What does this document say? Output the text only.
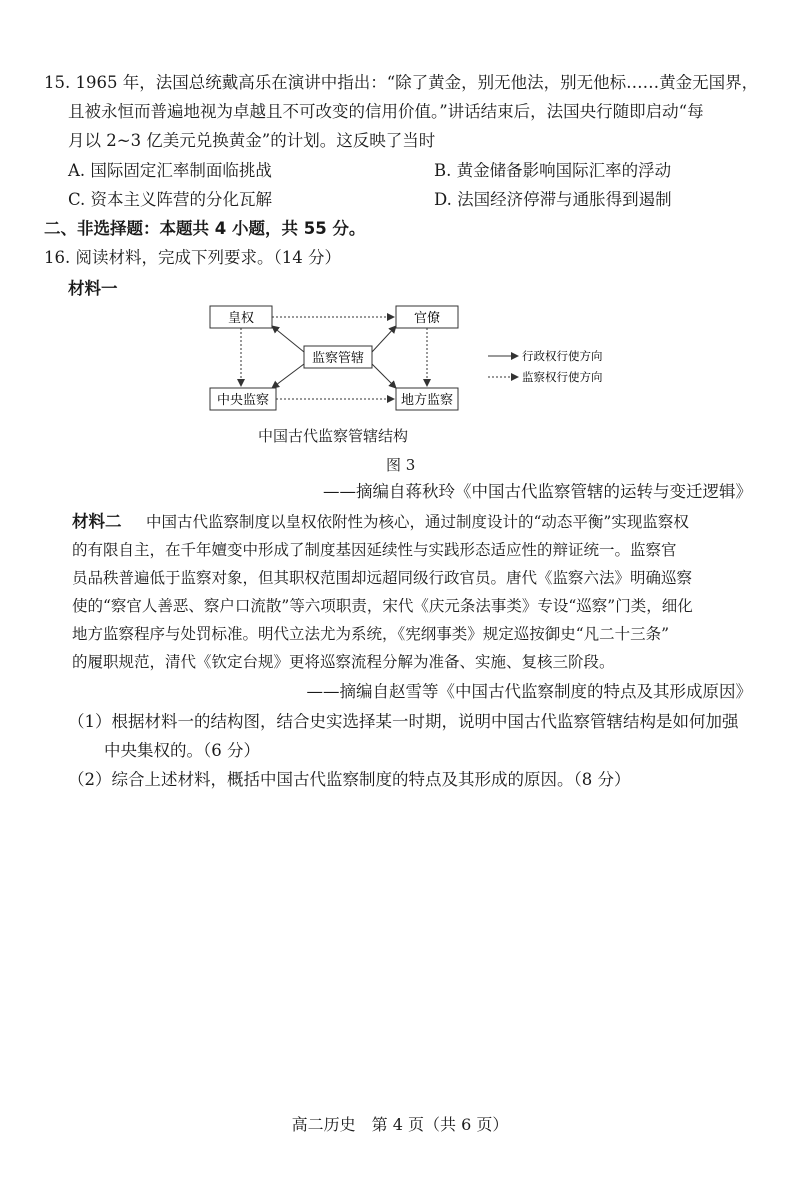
15. 1965 年，法国总统戴高乐在演讲中指出：“除了黄金，别无他法，别无他标……黄金无国界，
且被永恒而普遍地视为卓越且不可改变的信用价值。”讲话结束后，法国央行随即启动“每
月以 2~3 亿美元兑换黄金”的计划。这反映了当时
A. 国际固定汇率制面临挑战	B. 黄金储备影响国际汇率的浮动
C. 资本主义阵营的分化瓦解	D. 法国经济停滞与通胀得到遏制
二、非选择题：本题共 4 小题，共 55 分。
16. 阅读材料，完成下列要求。（14 分）
材料一
皇权	官僚
监察管辖
中央监察	地方监察
行政权行使方向
监察权行使方向
中国古代监察管辖结构
图 3
——摘编自蒋秋玲《中国古代监察管辖的运转与变迁逻辑》
材料二 中国古代监察制度以皇权依附性为核心，通过制度设计的“动态平衡”实现监察权
的有限自主，在千年嬗变中形成了制度基因延续性与实践形态适应性的辩证统一。监察官
员品秩普遍低于监察对象，但其职权范围却远超同级行政官员。唐代《监察六法》明确巡察
使的“察官人善恶、察户口流散”等六项职责，宋代《庆元条法事类》专设“巡察”门类，细化
地方监察程序与处罚标准。明代立法尤为系统，《宪纲事类》规定巡按御史“凡二十三条”
的履职规范，清代《钦定台规》更将巡察流程分解为准备、实施、复核三阶段。
——摘编自赵雪等《中国古代监察制度的特点及其形成原因》
（1）根据材料一的结构图，结合史实选择某一时期，说明中国古代监察管辖结构是如何加强
中央集权的。（6 分）
（2）综合上述材料，概括中国古代监察制度的特点及其形成的原因。（8 分）
高二历史　第 4 页（共 6 页）
